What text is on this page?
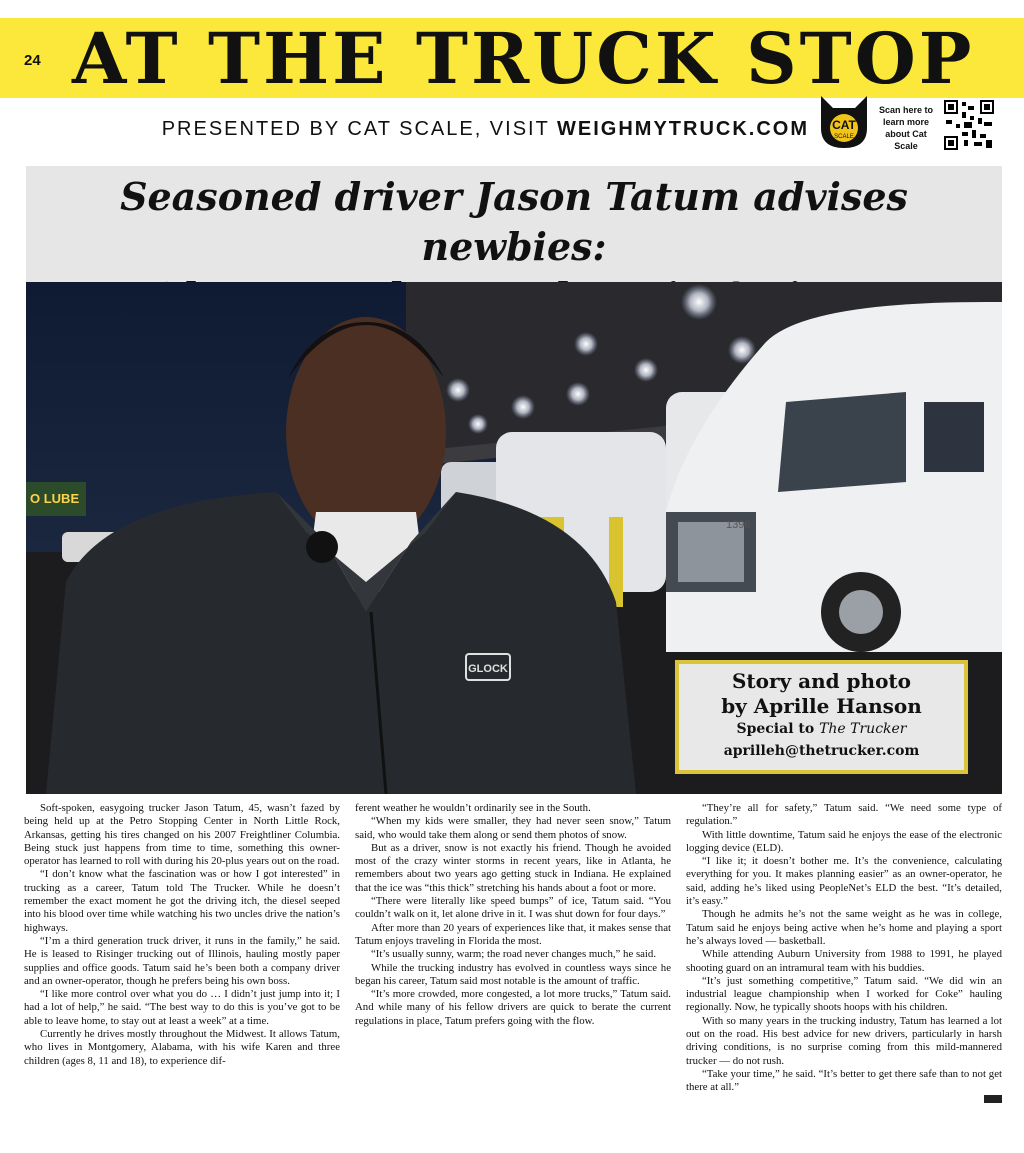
24 AT THE TRUCK STOP
PRESENTED BY CAT SCALE, VISIT WEIGHMYTRUCK.COM CAT
SCALE
Scan here to learn more about Cat Scale
Seasoned driver Jason Tatum advises newbies:
O LUBE
1396
GLOCK	Story and photo
by Aprille Hanson
Special to The Trucker
aprilleh@thetrucker.com

Soft-spoken, easygoing trucker Jason Tatum, 45, wasn’t fazed by being held up at the Petro Stopping Center in North Little Rock, Arkansas, getting his tires changed on his 2007 Freightliner Columbia. Being stuck just happens from time to time, something this owner-operator has learned to roll with during his 20-plus years out on the road.

“I don’t know what the fascination was or how I got interested” in trucking as a career, Tatum told The Trucker. While he doesn’t remember the exact moment he got the driving itch, the diesel seeped into his blood over time while watching his two uncles drive the nation’s highways.

“I’m a third generation truck driver, it runs in the family,” he said. He is leased to Risinger trucking out of Illinois, hauling mostly paper supplies and office goods. Tatum said he’s been both a company driver and an owner-operator, though he prefers being his own boss.

“I like more control over what you do … I didn’t just jump into it; I had a lot of help,” he said. “The best way to do this is you’ve got to be able to leave home, to stay out at least a week” at a time.

Currently he drives mostly throughout the Midwest. It allows Tatum, who lives in Montgomery, Alabama, with his wife Karen and three children (ages 8, 11 and 18), to experience dif-

ferent weather he wouldn’t ordinarily see in the South.

“When my kids were smaller, they had never seen snow,” Tatum said, who would take them along or send them photos of snow.

But as a driver, snow is not exactly his friend. Though he avoided most of the crazy winter storms in recent years, like in Atlanta, he remembers about two years ago getting stuck in Indiana. He explained that the ice was “this thick” stretching his hands about a foot or more.

“There were literally like speed bumps” of ice, Tatum said. “You couldn’t walk on it, let alone drive in it. I was shut down for four days.”

After more than 20 years of experiences like that, it makes sense that Tatum enjoys traveling in Florida the most.

“It’s usually sunny, warm; the road never changes much,” he said.

While the trucking industry has evolved in countless ways since he began his career, Tatum said most notable is the amount of traffic.

“It’s more crowded, more congested, a lot more trucks,” Tatum said. And while many of his fellow drivers are quick to berate the current regulations in place, Tatum prefers going with the flow.

“They’re all for safety,” Tatum said. “We need some type of regulation.”

With little downtime, Tatum said he enjoys the ease of the electronic logging device (ELD).

“I like it; it doesn’t bother me. It’s the convenience, calculating everything for you. It makes planning easier” as an owner-operator, he said, adding he’s liked using PeopleNet’s ELD the best. “It’s detailed, it’s easy.”

Though he admits he’s not the same weight as he was in college, Tatum said he enjoys being active when he’s home and playing a sport he’s always loved — basketball.

While attending Auburn University from 1988 to 1991, he played shooting guard on an intramural team with his buddies.

“It’s just something competitive,” Tatum said. “We did win an industrial league championship when I worked for Coke” hauling regionally. Now, he typically shoots hoops with his children.

With so many years in the trucking industry, Tatum has learned a lot out on the road. His best advice for new drivers, particularly in harsh driving conditions, is no surprise coming from this mild-mannered trucker — do not rush.

“Take your time,” he said. “It’s better to get there safe than to not get there at all.”
